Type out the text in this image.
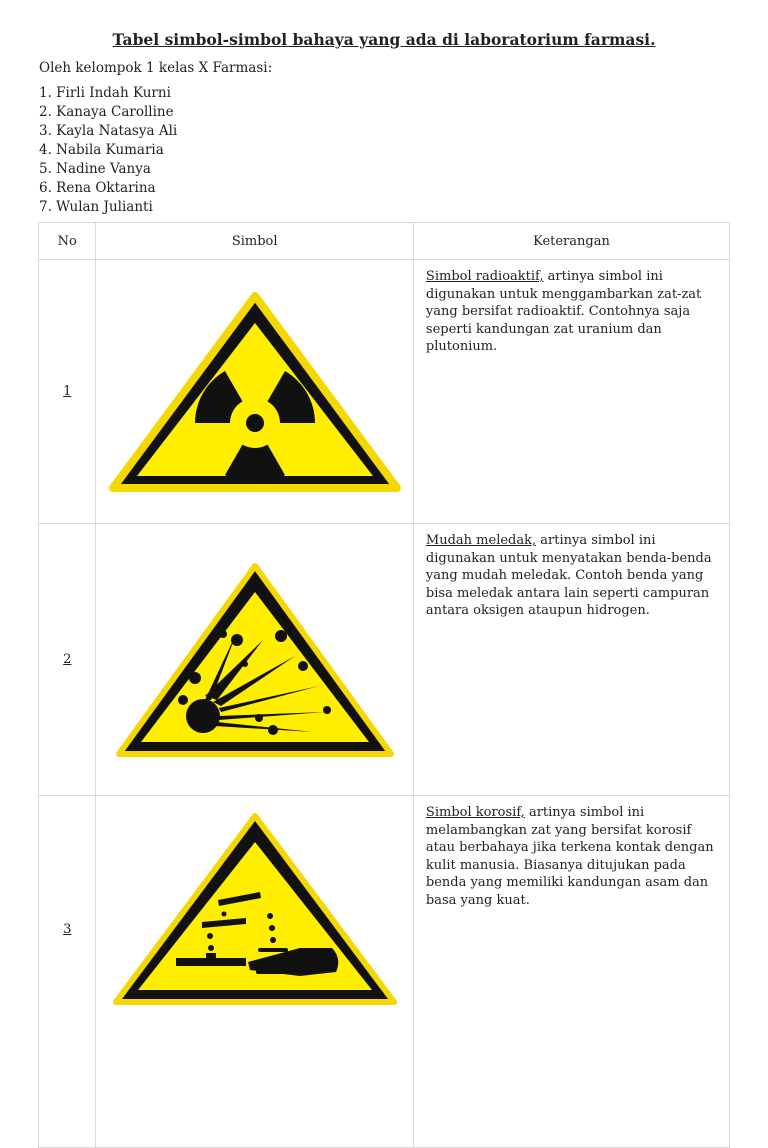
Tabel simbol-simbol bahaya yang ada di laboratorium farmasi.
Oleh kelompok 1 kelas X Farmasi:
1. Firli Indah Kurni
2. Kanaya Carolline
3. Kayla Natasya Ali
4. Nabila Kumaria
5. Nadine Vanya
6. Rena Oktarina
7. Wulan Julianti
No	Simbol	Keterangan
1		Simbol radioaktif, artinya simbol ini digunakan untuk menggambarkan zat-zat yang bersifat radioaktif. Contohnya saja seperti kandungan zat uranium dan plutonium.
2		Mudah meledak, artinya simbol ini digunakan untuk menyatakan benda-benda yang mudah meledak. Contoh benda yang bisa meledak antara lain seperti campuran antara oksigen ataupun hidrogen.
3		Simbol korosif, artinya simbol ini melambangkan zat yang bersifat korosif atau berbahaya jika terkena kontak dengan kulit manusia. Biasanya ditujukan pada benda yang memiliki kandungan asam dan basa yang kuat.
